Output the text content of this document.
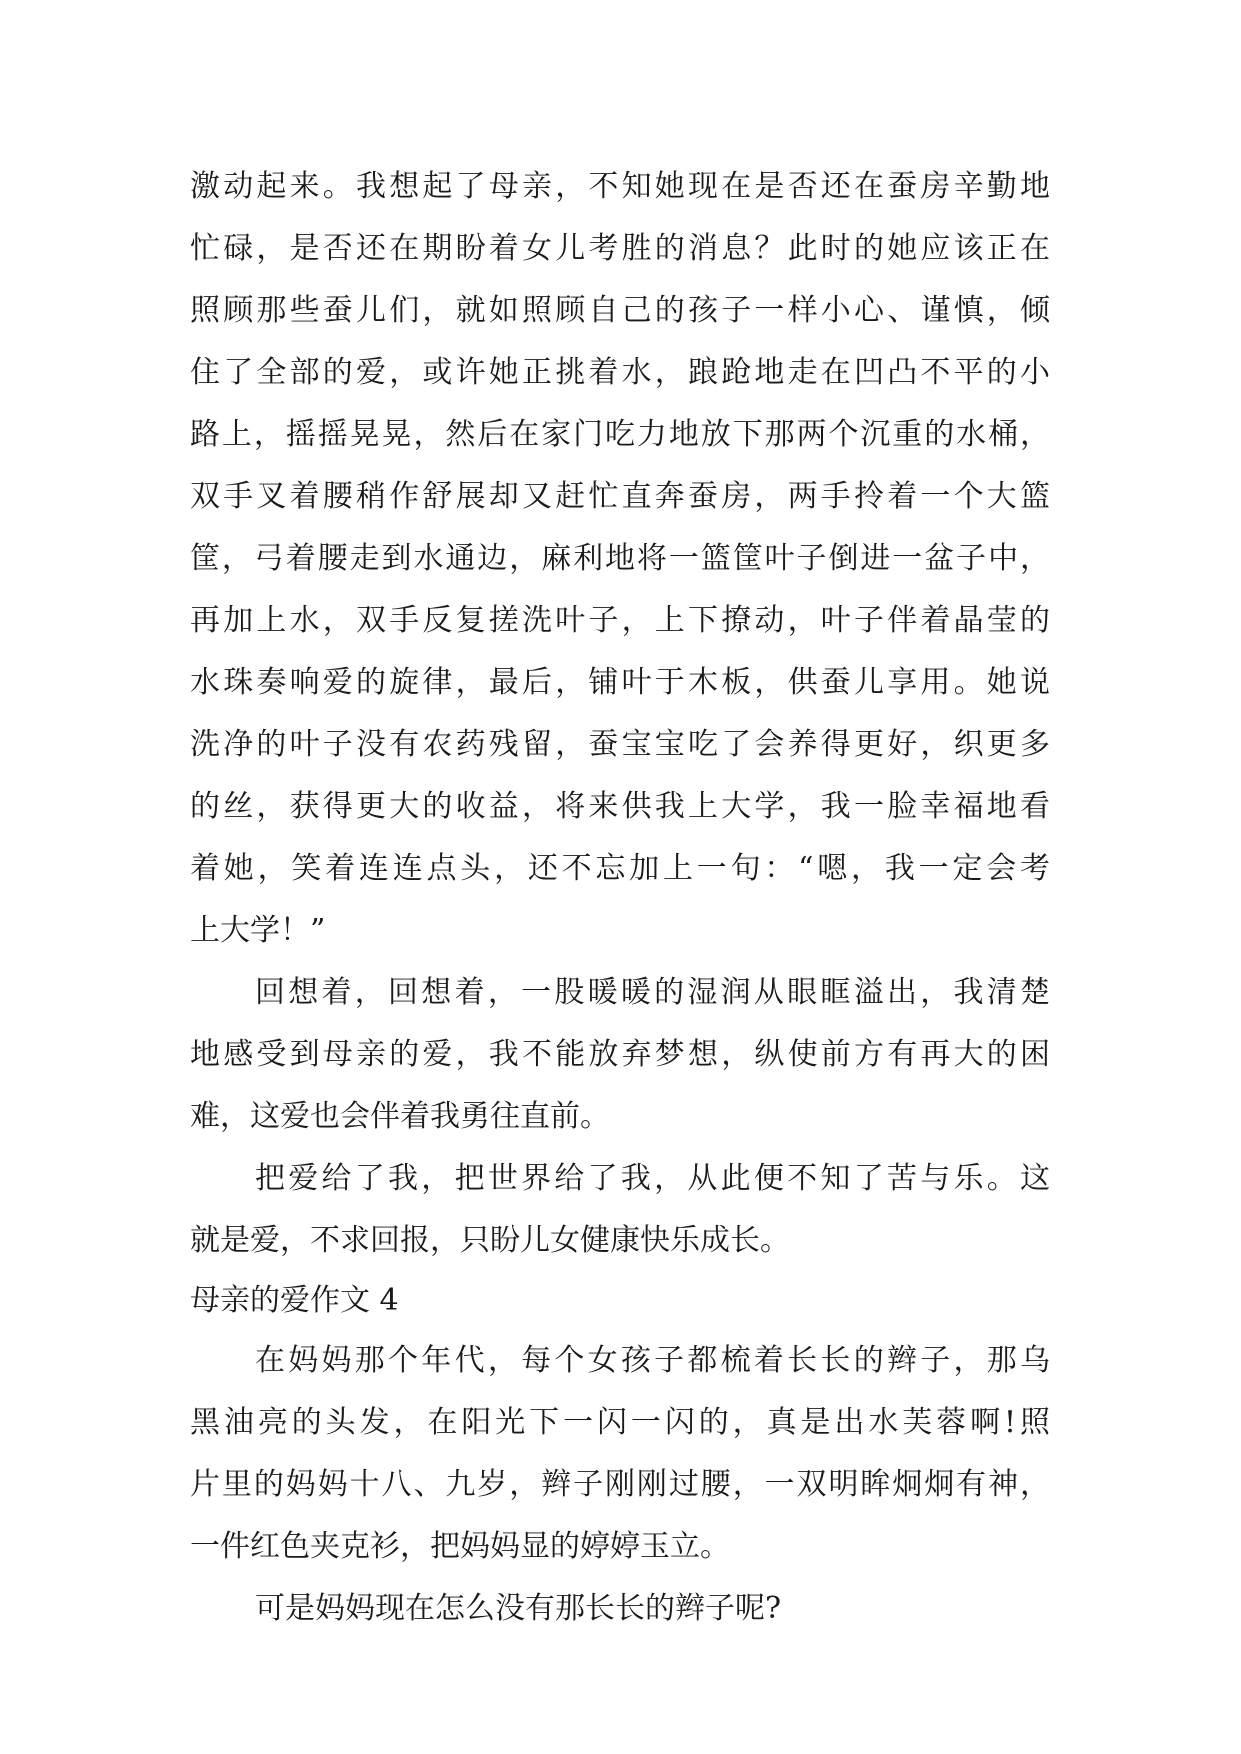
激动起来。我想起了母亲，不知她现在是否还在蚕房辛勤地
忙碌，是否还在期盼着女儿考胜的消息？此时的她应该正在
照顾那些蚕儿们，就如照顾自己的孩子一样小心、谨慎，倾
住了全部的爱，或许她正挑着水，踉跄地走在凹凸不平的小
路上，摇摇晃晃，然后在家门吃力地放下那两个沉重的水桶，
双手叉着腰稍作舒展却又赶忙直奔蚕房，两手拎着一个大篮
筐，弓着腰走到水通边，麻利地将一篮筐叶子倒进一盆子中，
再加上水，双手反复搓洗叶子，上下撩动，叶子伴着晶莹的
水珠奏响爱的旋律，最后，铺叶于木板，供蚕儿享用。她说
洗净的叶子没有农药残留，蚕宝宝吃了会养得更好，织更多
的丝，获得更大的收益，将来供我上大学，我一脸幸福地看
着她，笑着连连点头，还不忘加上一句：“嗯，我一定会考
上大学！”
回想着，回想着，一股暖暖的湿润从眼眶溢出，我清楚
地感受到母亲的爱，我不能放弃梦想，纵使前方有再大的困
难，这爱也会伴着我勇往直前。
把爱给了我，把世界给了我，从此便不知了苦与乐。这
就是爱，不求回报，只盼儿女健康快乐成长。
母亲的爱作文 4
在妈妈那个年代，每个女孩子都梳着长长的辫子，那乌
黑油亮的头发，在阳光下一闪一闪的，真是出水芙蓉啊!照
片里的妈妈十八、九岁，辫子刚刚过腰，一双明眸炯炯有神，
一件红色夹克衫，把妈妈显的婷婷玉立。
可是妈妈现在怎么没有那长长的辫子呢?
